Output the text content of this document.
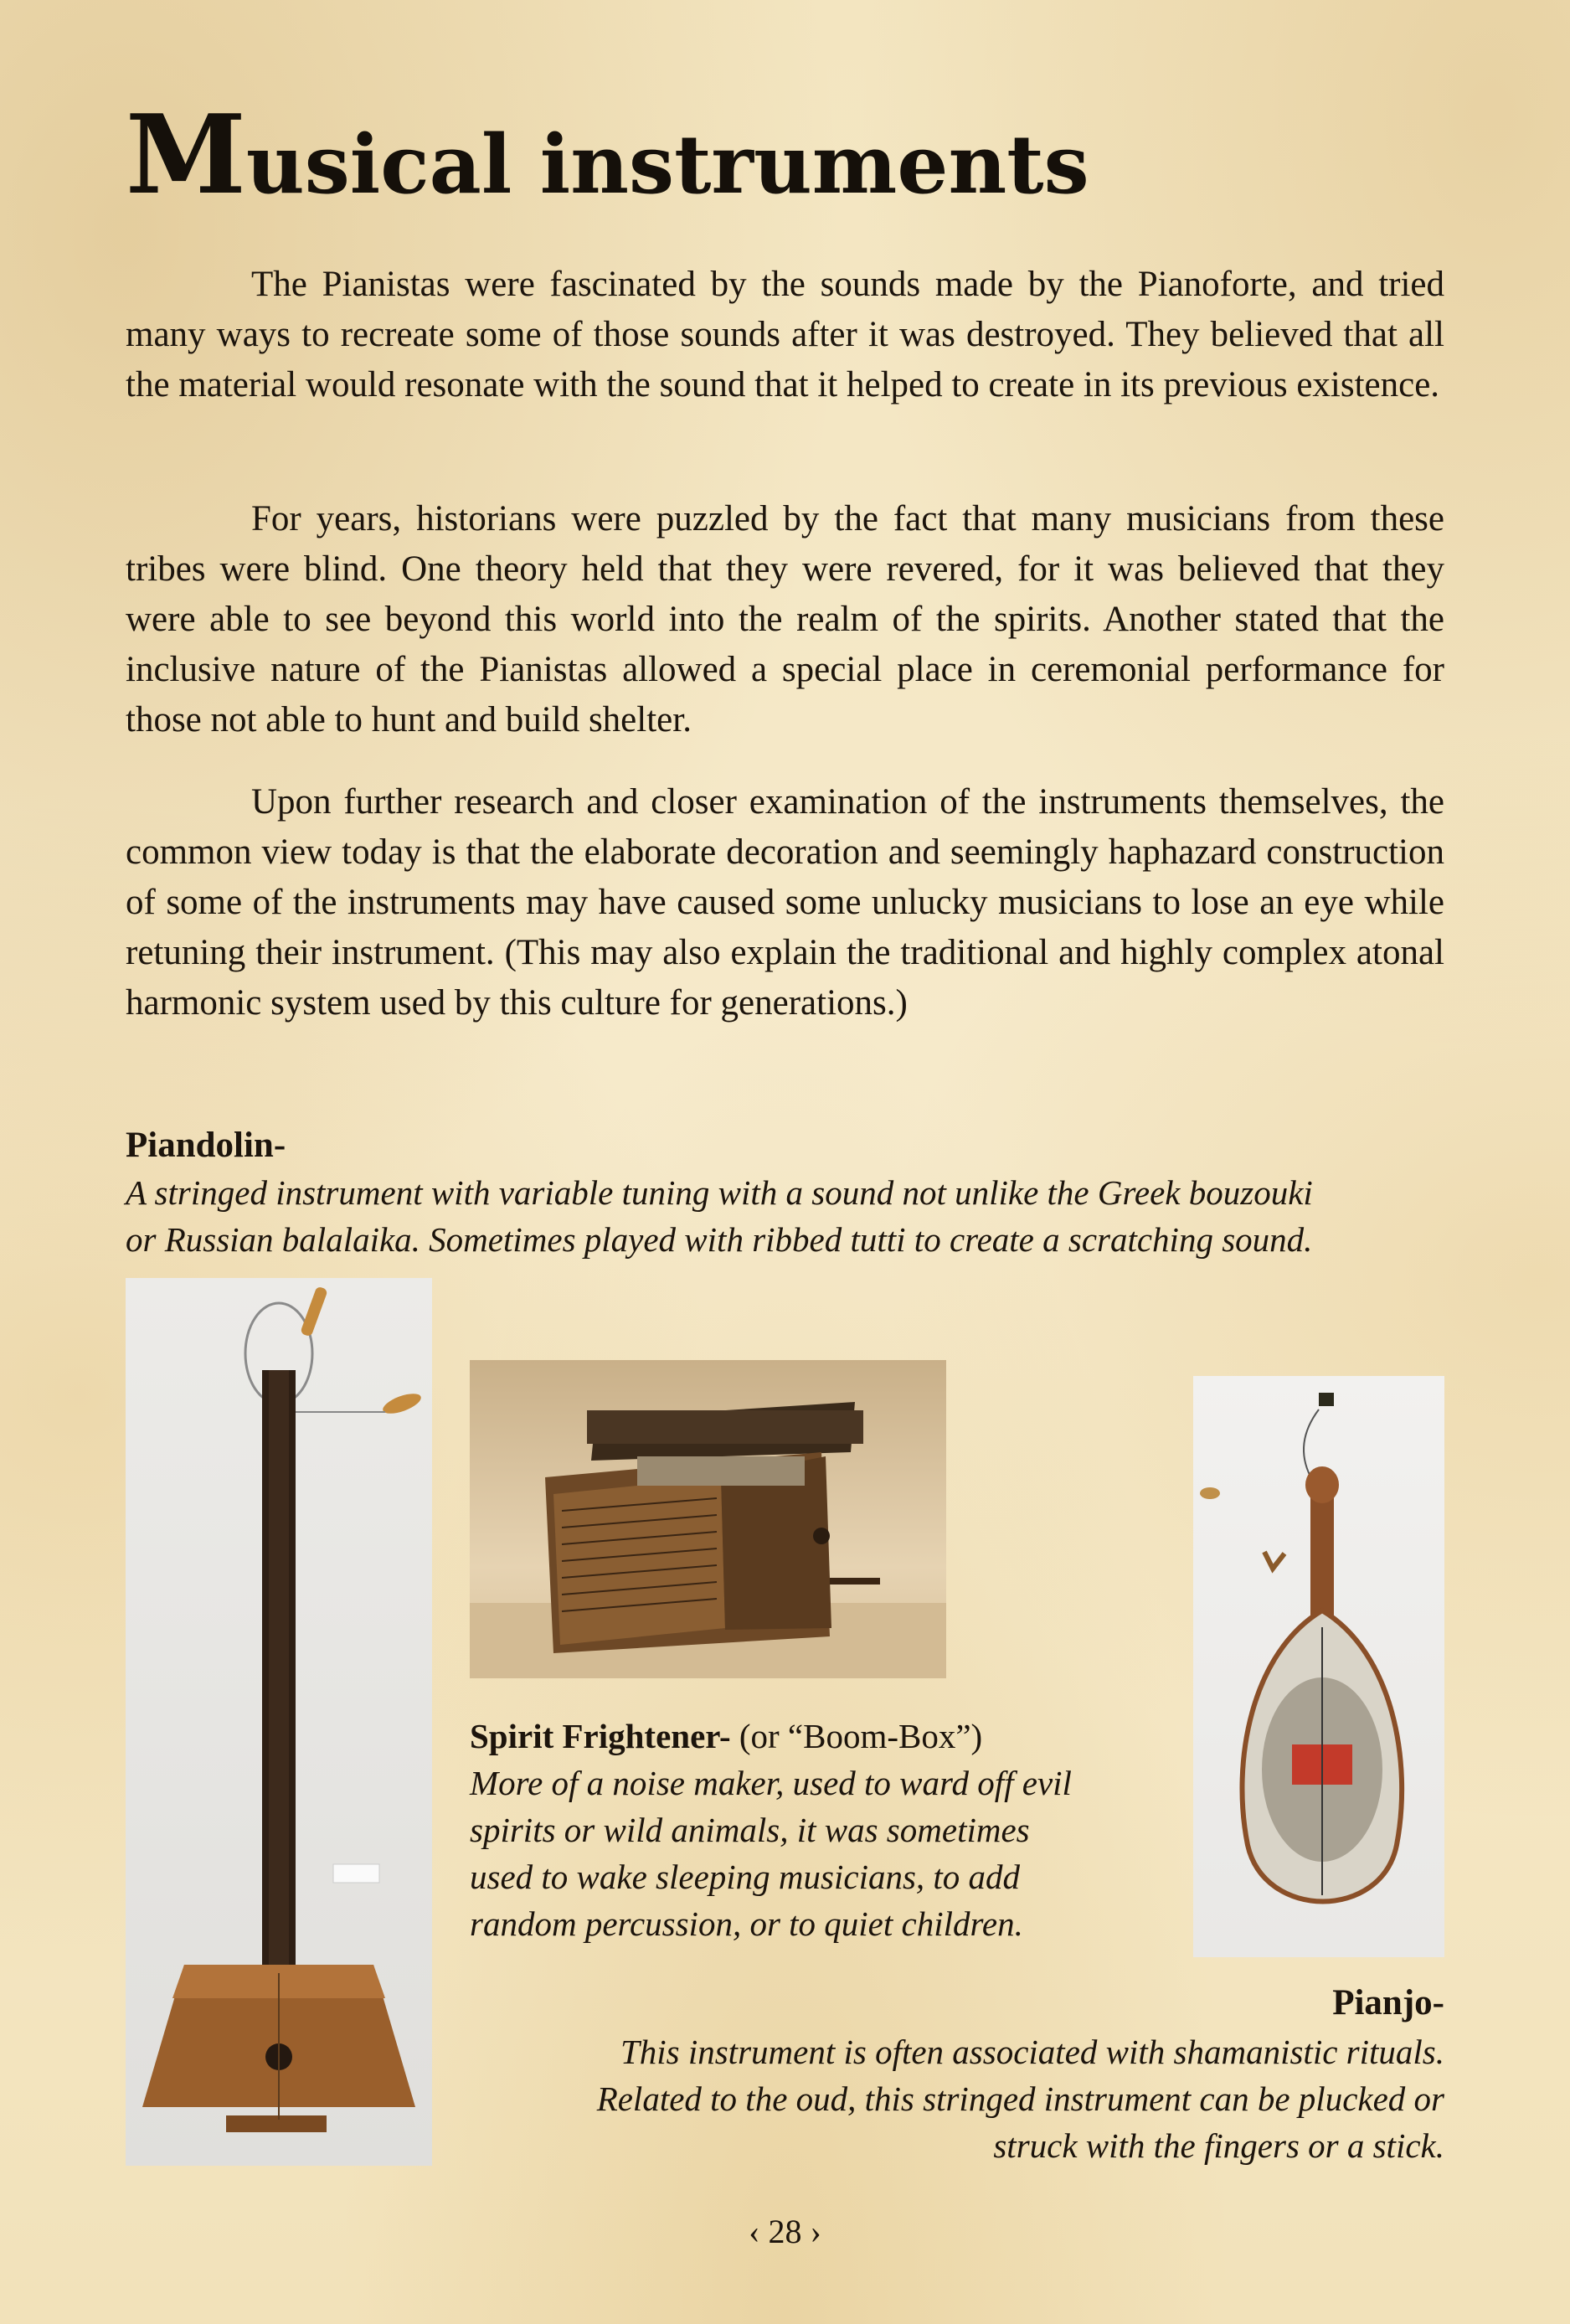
Musical instruments

The Pianistas were fascinated by the sounds made by the Pianoforte, and tried many ways to recreate some of those sounds after it was destroyed. They believed that all the material would resonate with the sound that it helped to create in its previous existence.

For years, historians were puzzled by the fact that many musicians from these tribes were blind. One theory held that they were revered, for it was believed that they were able to see beyond this world into the realm of the spirits. Another stated that the inclusive nature of the Pianistas allowed a special place in ceremonial performance for those not able to hunt and build shelter.

Upon further research and closer examination of the instruments themselves, the common view today is that the elaborate decoration and seemingly haphazard construction of some of the instruments may have caused some unlucky musicians to lose an eye while retuning their instrument. (This may also explain the traditional and highly complex atonal harmonic system used by this culture for generations.)

Piandolin-
A stringed instrument with variable tuning with a sound not unlike the Greek bouzouki
or Russian balalaika. Sometimes played with ribbed tutti to create a scratching sound.
Spirit Frightener- (or “Boom-Box”)
More of a noise maker, used to ward off evil
spirits or wild animals, it was sometimes
used to wake sleeping musicians, to add
random percussion, or to quiet children.
Pianjo-
This instrument is often associated with shamanistic rituals.
Related to the oud, this stringed instrument can be plucked or
struck with the fingers or a stick.
‹ 28 ›
